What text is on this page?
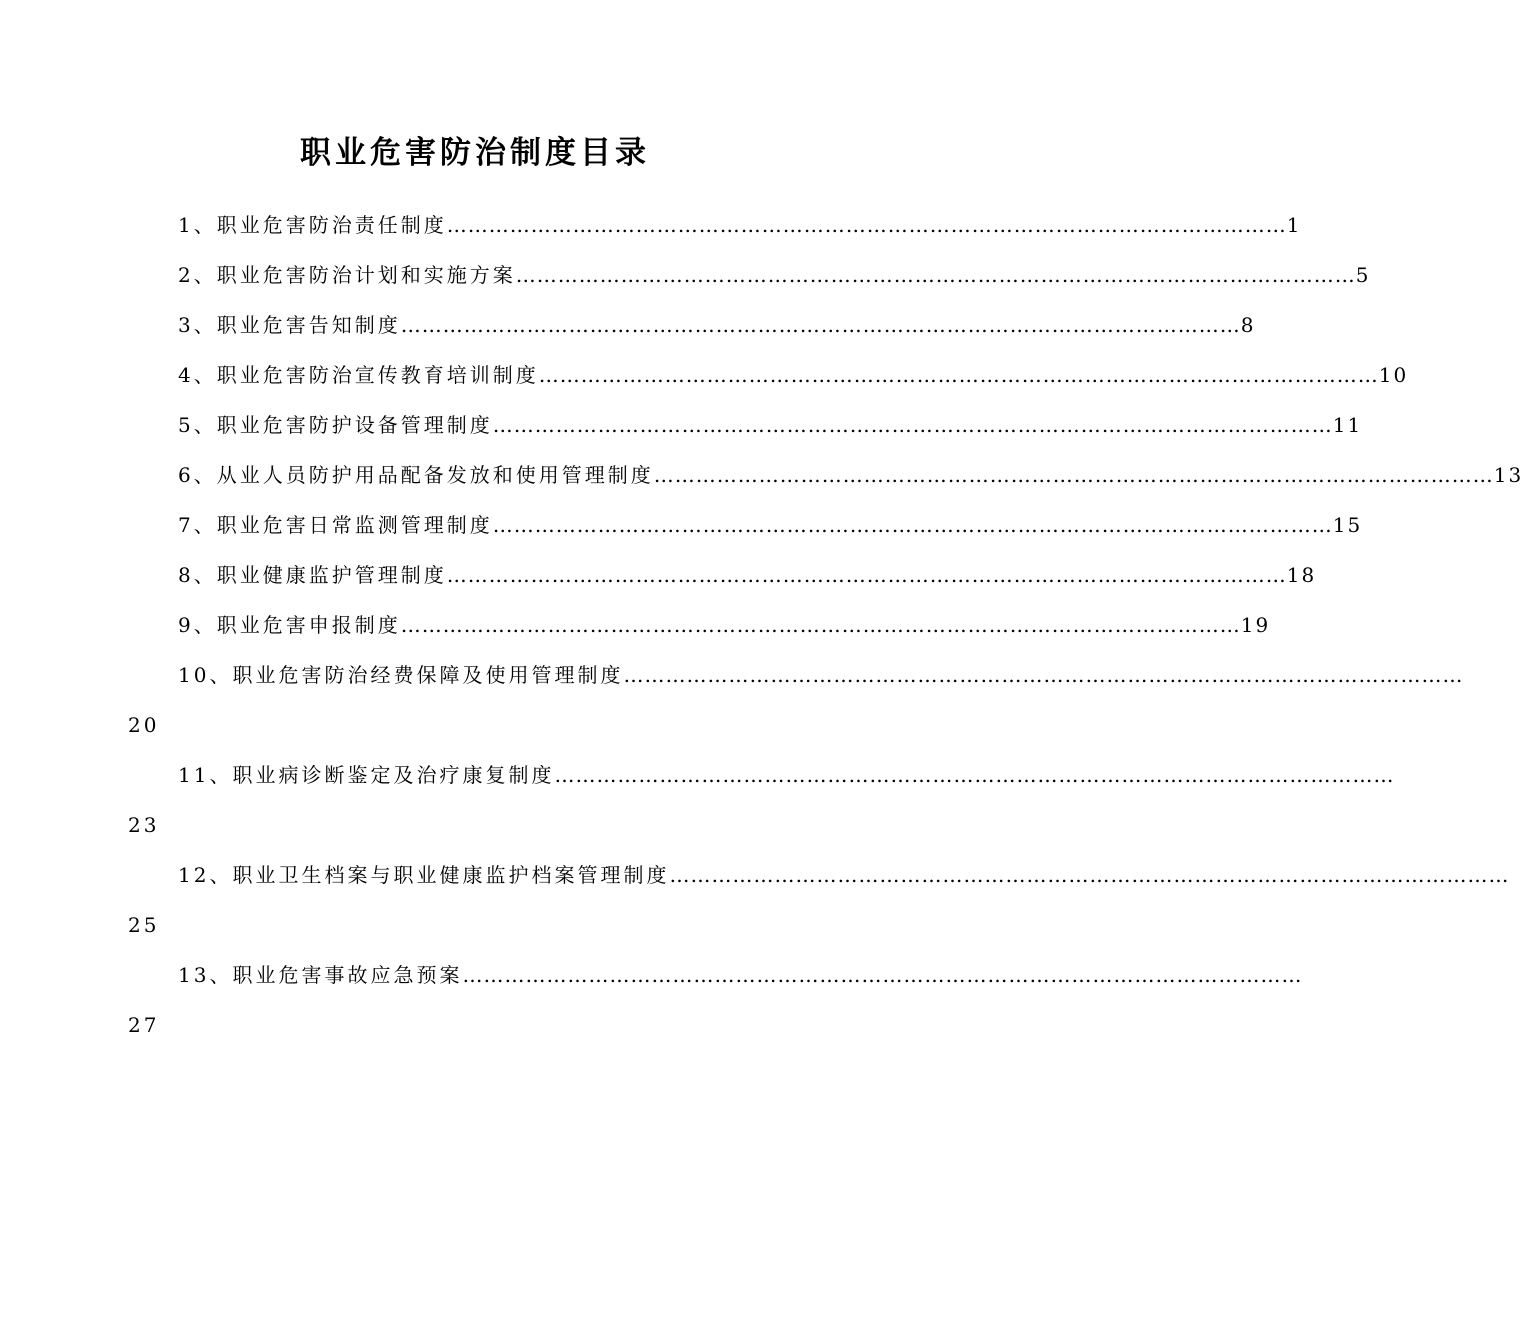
职业危害防治制度目录
1、职业危害防治责任制度 ………………………………………………………………………………………………………… 1
2、职业危害防治计划和实施方案 ………………………………………………………………………………………………………… 5
3、职业危害告知制度 ………………………………………………………………………………………………………… 8
4、职业危害防治宣传教育培训制度 ………………………………………………………………………………………………………… 10
5、职业危害防护设备管理制度 ………………………………………………………………………………………………………… 11
6、从业人员防护用品配备发放和使用管理制度 ………………………………………………………………………………………………………… 13
7、职业危害日常监测管理制度 ………………………………………………………………………………………………………… 15
8、职业健康监护管理制度 ………………………………………………………………………………………………………… 18
9、职业危害申报制度 ………………………………………………………………………………………………………… 19
10、职业危害防治经费保障及使用管理制度 …………………………………………………………………………………………………………
20
11、职业病诊断鉴定及治疗康复制度 …………………………………………………………………………………………………………
23
12、职业卫生档案与职业健康监护档案管理制度 …………………………………………………………………………………………………………
25
13、职业危害事故应急预案 …………………………………………………………………………………………………………
27
